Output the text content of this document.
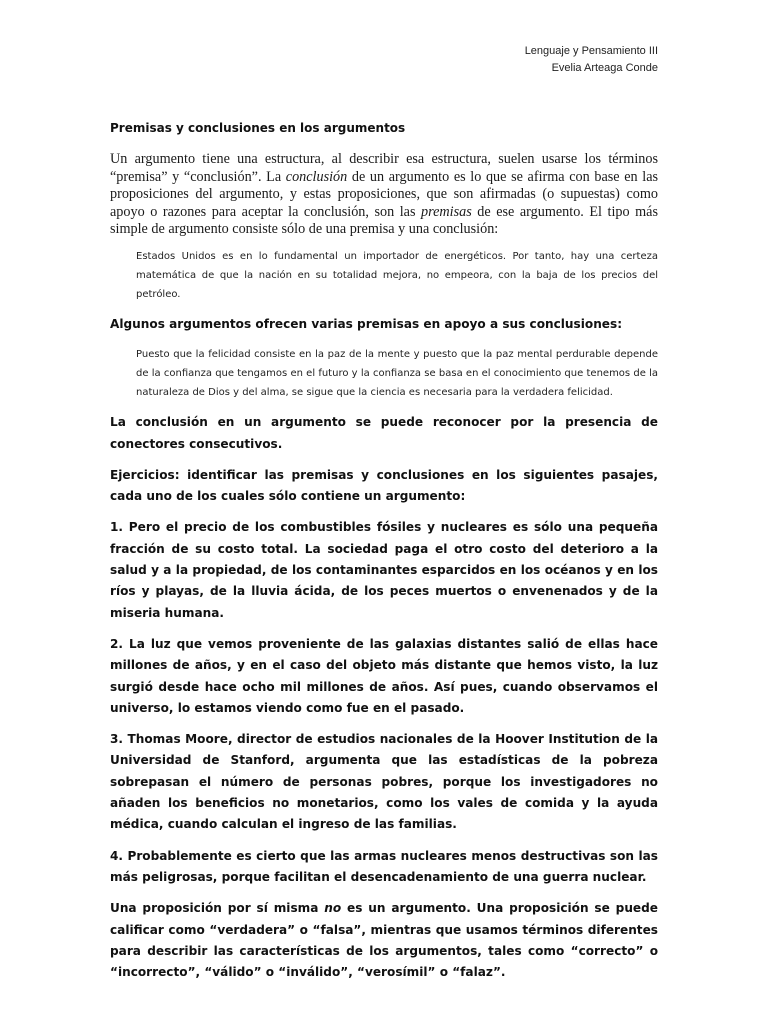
Lenguaje y Pensamiento III
Evelia Arteaga Conde

Premisas y conclusiones en los argumentos

Un argumento tiene una estructura, al describir esa estructura, suelen usarse los términos “premisa” y “conclusión”. La conclusión de un argumento es lo que se afirma con base en las proposiciones del argumento, y estas proposiciones, que son afirmadas (o supuestas) como apoyo o razones para aceptar la conclusión, son las premisas de ese argumento. El tipo más simple de argumento consiste sólo de una premisa y una conclusión:

Estados Unidos es en lo fundamental un importador de energéticos. Por tanto, hay una certeza matemática de que la nación en su totalidad mejora, no empeora, con la baja de los precios del petróleo.

Algunos argumentos ofrecen varias premisas en apoyo a sus conclusiones:

Puesto que la felicidad consiste en la paz de la mente y puesto que la paz mental perdurable depende de la confianza que tengamos en el futuro y la confianza se basa en el conocimiento que tenemos de la naturaleza de Dios y del alma, se sigue que la ciencia es necesaria para la verdadera felicidad.

La conclusión en un argumento se puede reconocer por la presencia de conectores consecutivos.

Ejercicios: identificar las premisas y conclusiones en los siguientes pasajes, cada uno de los cuales sólo contiene un argumento:

1. Pero el precio de los combustibles fósiles y nucleares es sólo una pequeña fracción de su costo total. La sociedad paga el otro costo del deterioro a la salud y a la propiedad, de los contaminantes esparcidos en los océanos y en los ríos y playas, de la lluvia ácida, de los peces muertos o envenenados y de la miseria humana.

2. La luz que vemos proveniente de las galaxias distantes salió de ellas hace millones de años, y en el caso del objeto más distante que hemos visto, la luz surgió desde hace ocho mil millones de años. Así pues, cuando observamos el universo, lo estamos viendo como fue en el pasado.

3. Thomas Moore, director de estudios nacionales de la Hoover Institution de la Universidad de Stanford, argumenta que las estadísticas de la pobreza sobrepasan el número de personas pobres, porque los investigadores no añaden los beneficios no monetarios, como los vales de comida y la ayuda médica, cuando calculan el ingreso de las familias.

4. Probablemente es cierto que las armas nucleares menos destructivas son las más peligrosas, porque facilitan el desencadenamiento de una guerra nuclear.

Una proposición por sí misma no es un argumento. Una proposición se puede calificar como “verdadera” o “falsa”, mientras que usamos términos diferentes para describir las características de los argumentos, tales como “correcto” o “incorrecto”, “válido” o “inválido”, “verosímil” o “falaz”.
